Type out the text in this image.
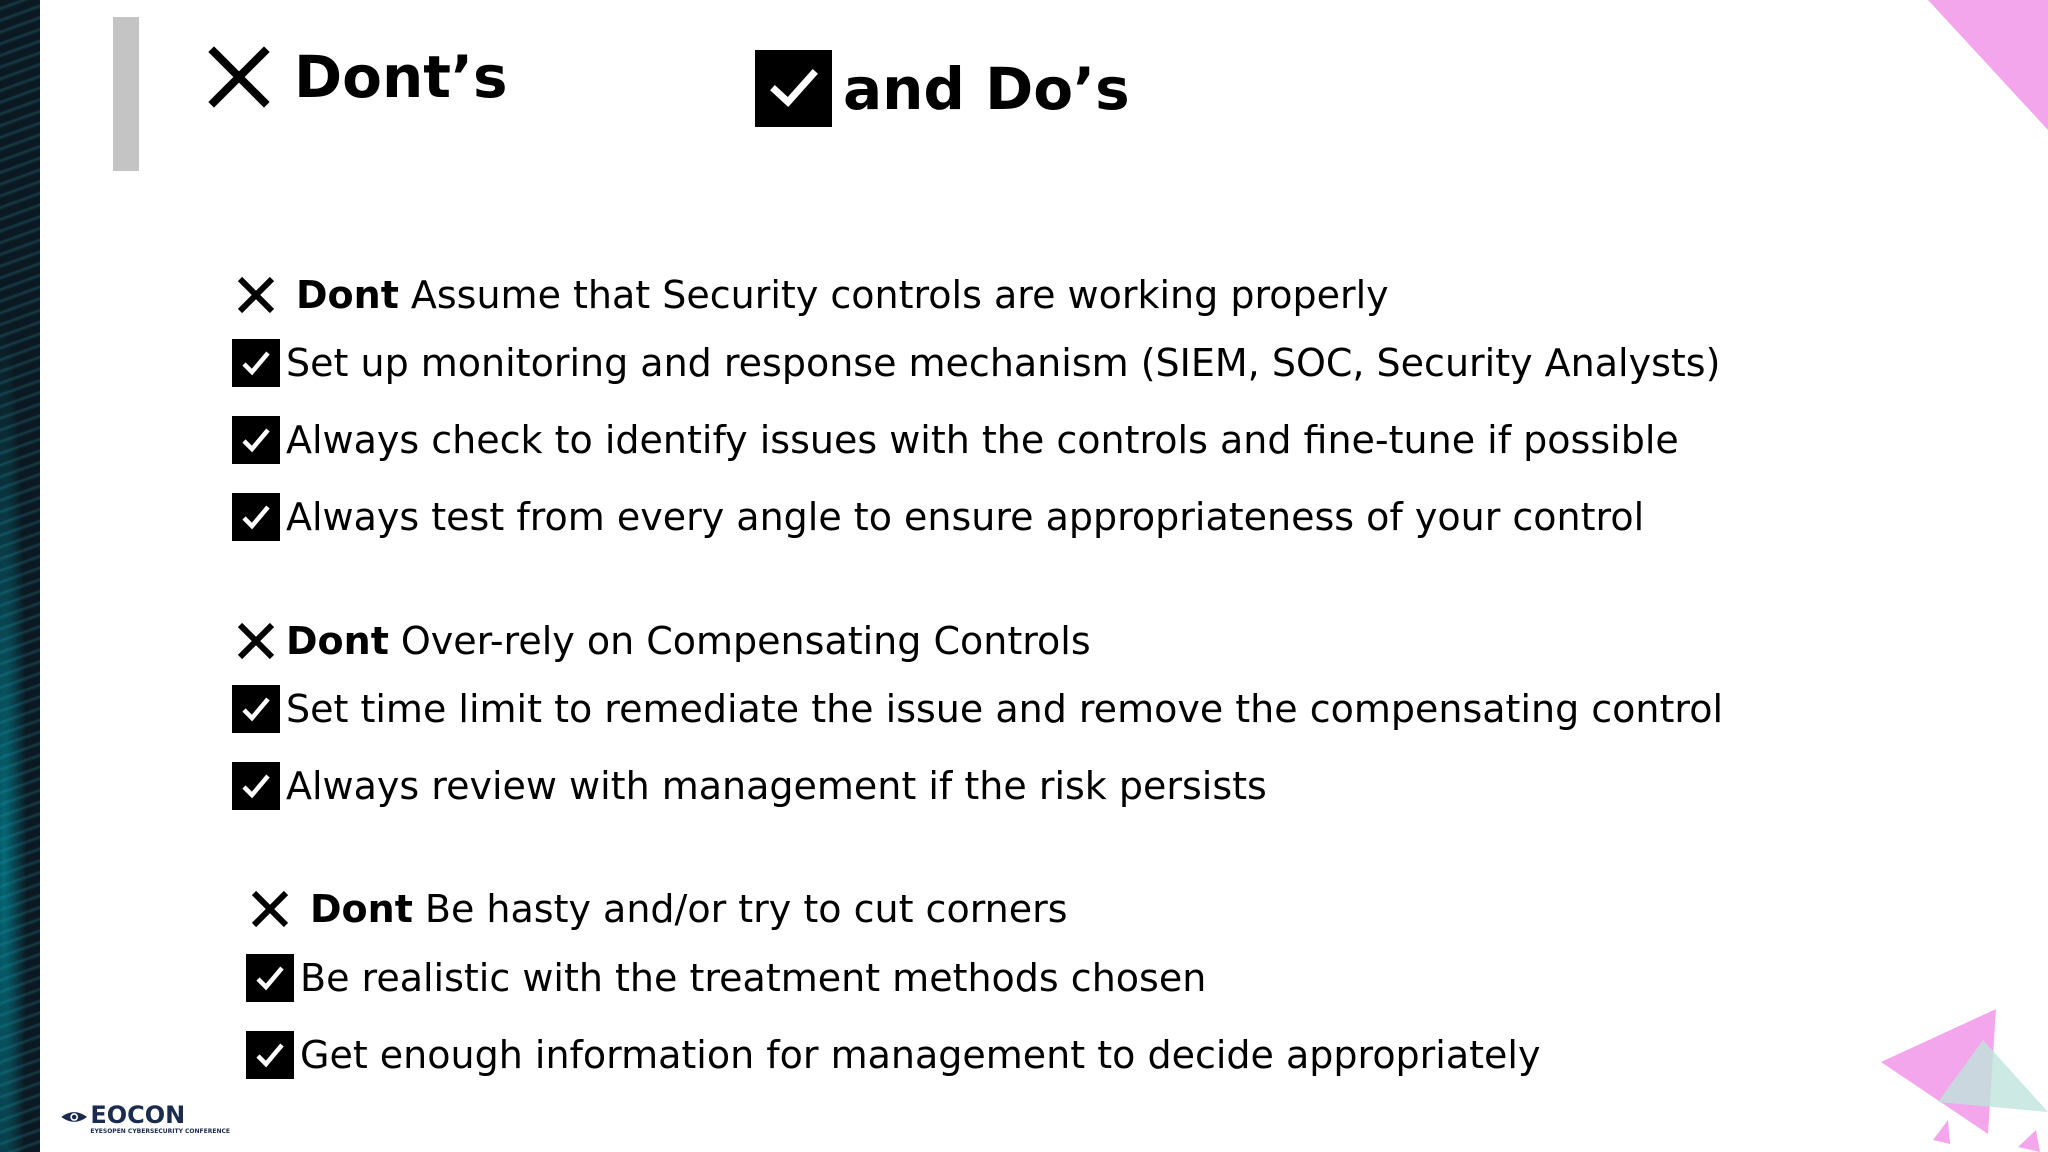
Dont’s	and Do’s
Dont Assume that Security controls are working properly
Set up monitoring and response mechanism (SIEM, SOC, Security Analysts)
Always check to identify issues with the controls and fine-tune if possible
Always test from every angle to ensure appropriateness of your control
Dont Over-rely on Compensating Controls
Set time limit to remediate the issue and remove the compensating control
Always review with management if the risk persists
Dont Be hasty and/or try to cut corners
Be realistic with the treatment methods chosen
Get enough information for management to decide appropriately
EOCON
EYESOPEN CYBERSECURITY CONFERENCE
